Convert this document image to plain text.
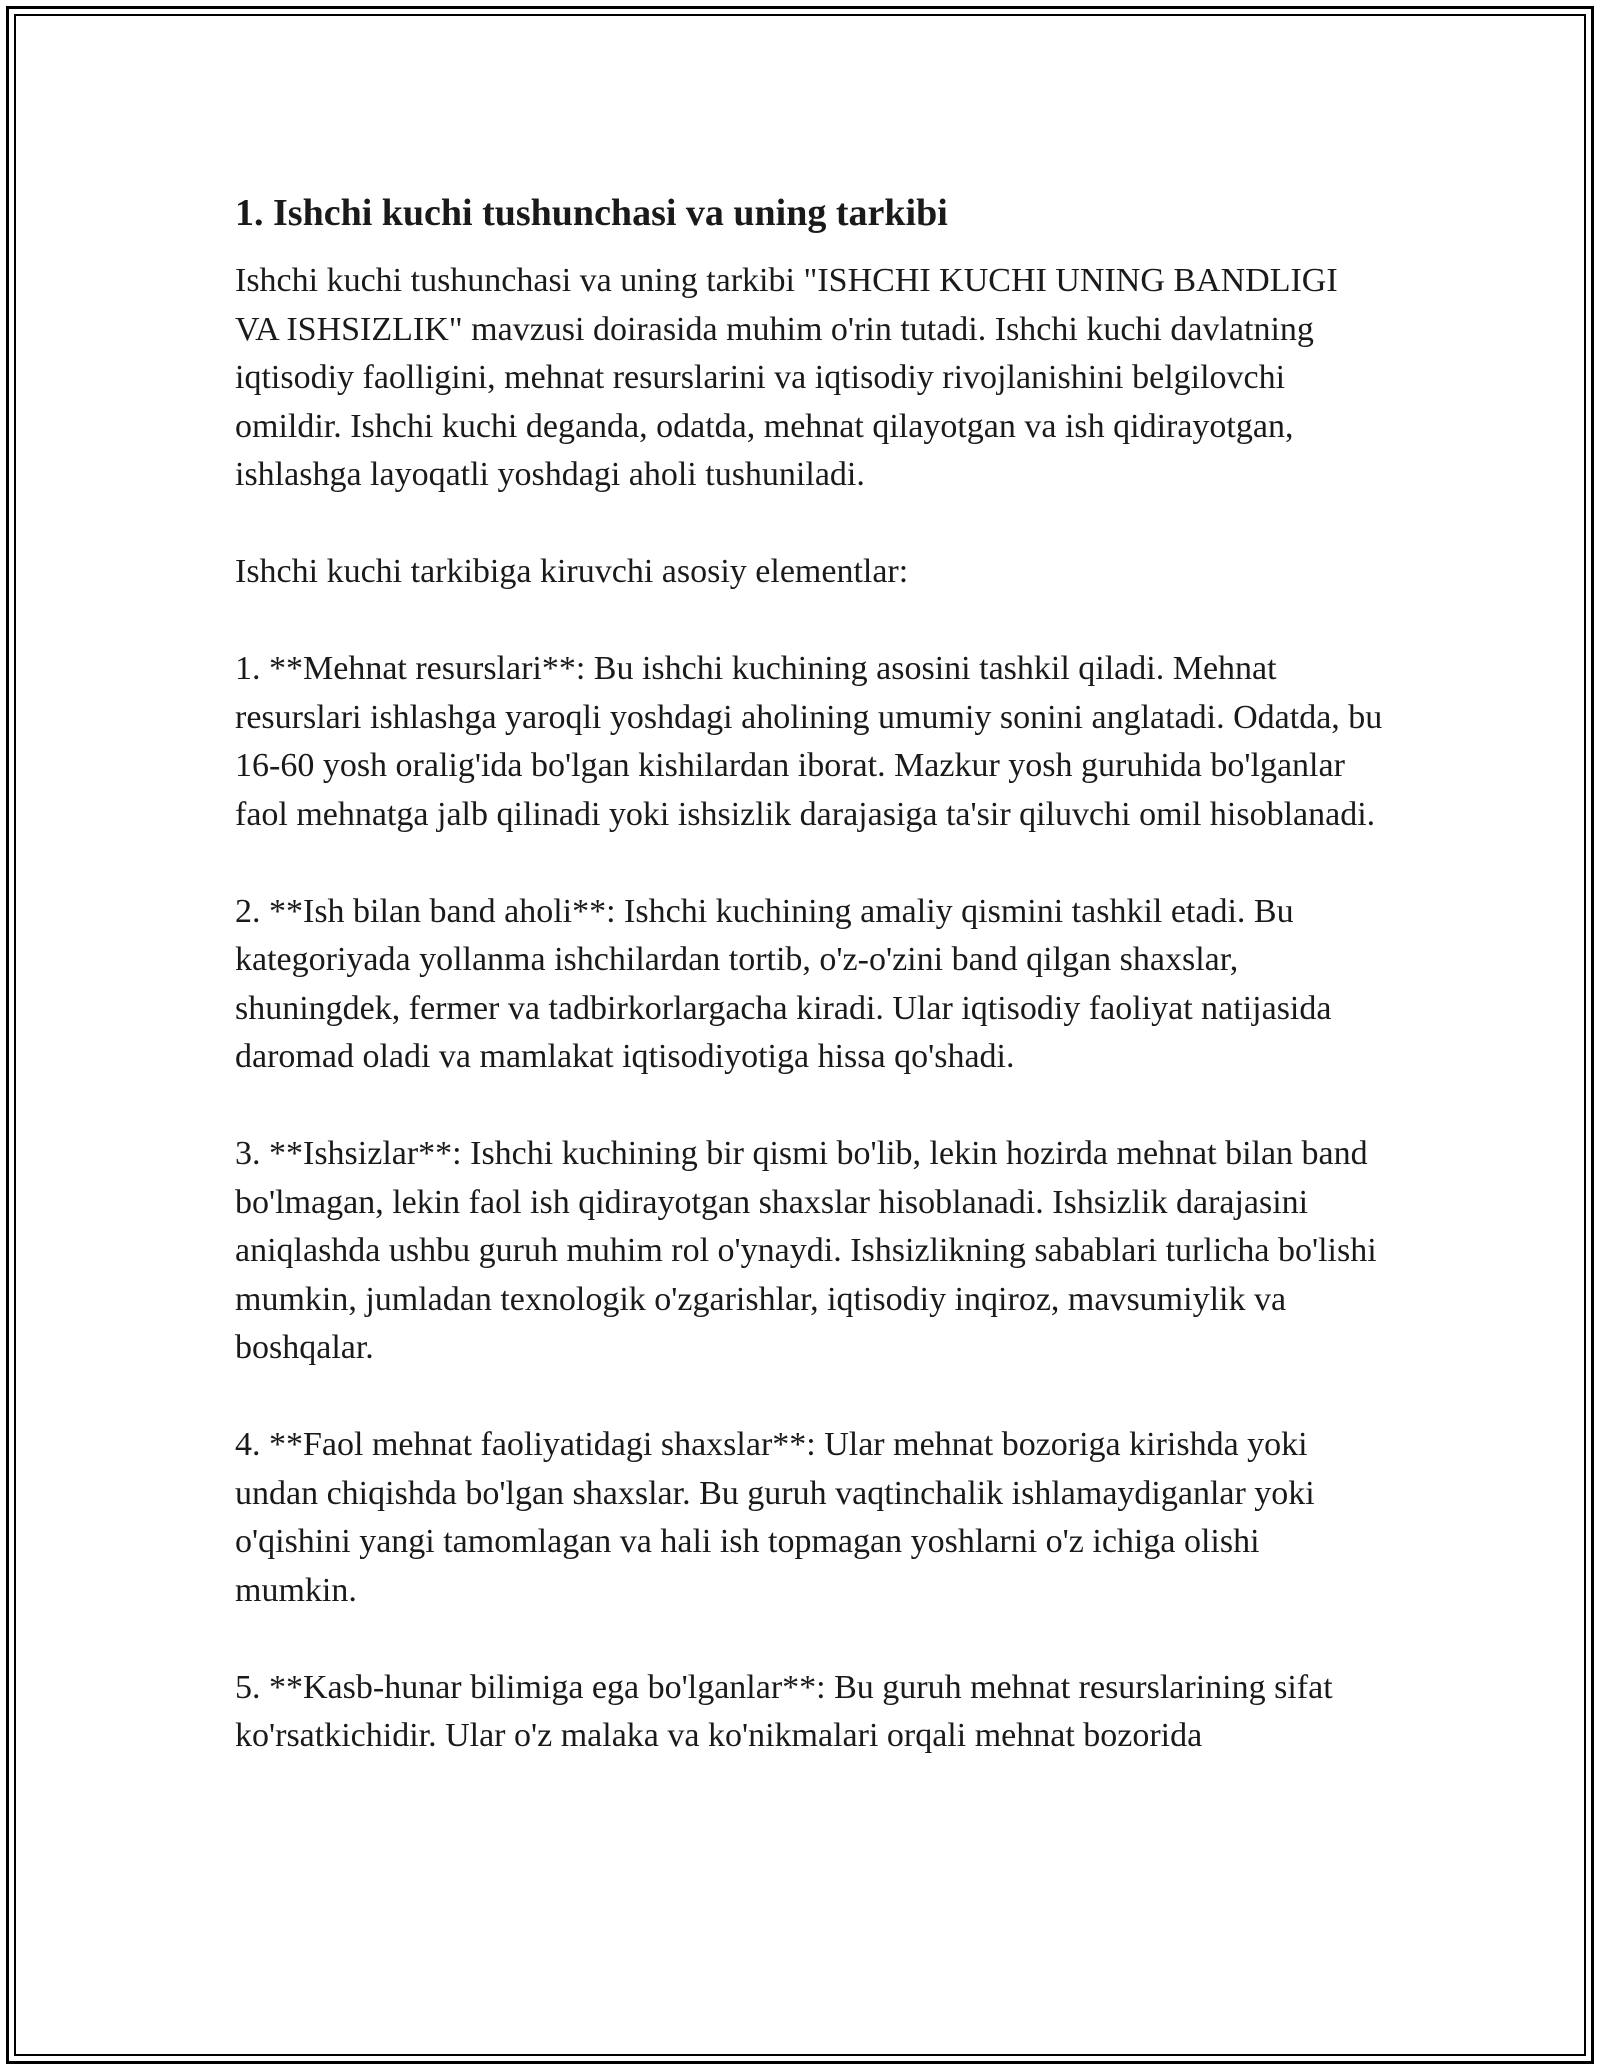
1. Ishchi kuchi tushunchasi va uning tarkibi

Ishchi kuchi tushunchasi va uning tarkibi "ISHCHI KUCHI UNING BANDLIGI VA ISHSIZLIK" mavzusi doirasida muhim o'rin tutadi. Ishchi kuchi davlatning iqtisodiy faolligini, mehnat resurslarini va iqtisodiy rivojlanishini belgilovchi omildir. Ishchi kuchi deganda, odatda, mehnat qilayotgan va ish qidirayotgan, ishlashga layoqatli yoshdagi aholi tushuniladi.

Ishchi kuchi tarkibiga kiruvchi asosiy elementlar:

1. **Mehnat resurslari**: Bu ishchi kuchining asosini tashkil qiladi. Mehnat resurslari ishlashga yaroqli yoshdagi aholining umumiy sonini anglatadi. Odatda, bu 16-60 yosh oralig'ida bo'lgan kishilardan iborat. Mazkur yosh guruhida bo'lganlar faol mehnatga jalb qilinadi yoki ishsizlik darajasiga ta'sir qiluvchi omil hisoblanadi.

2. **Ish bilan band aholi**: Ishchi kuchining amaliy qismini tashkil etadi. Bu kategoriyada yollanma ishchilardan tortib, o'z-o'zini band qilgan shaxslar, shuningdek, fermer va tadbirkorlargacha kiradi. Ular iqtisodiy faoliyat natijasida daromad oladi va mamlakat iqtisodiyotiga hissa qo'shadi.

3. **Ishsizlar**: Ishchi kuchining bir qismi bo'lib, lekin hozirda mehnat bilan band bo'lmagan, lekin faol ish qidirayotgan shaxslar hisoblanadi. Ishsizlik darajasini aniqlashda ushbu guruh muhim rol o'ynaydi. Ishsizlikning sabablari turlicha bo'lishi mumkin, jumladan texnologik o'zgarishlar, iqtisodiy inqiroz, mavsumiylik va boshqalar.

4. **Faol mehnat faoliyatidagi shaxslar**: Ular mehnat bozoriga kirishda yoki undan chiqishda bo'lgan shaxslar. Bu guruh vaqtinchalik ishlamaydiganlar yoki o'qishini yangi tamomlagan va hali ish topmagan yoshlarni o'z ichiga olishi mumkin.

5. **Kasb-hunar bilimiga ega bo'lganlar**: Bu guruh mehnat resurslarining sifat ko'rsatkichidir. Ular o'z malaka va ko'nikmalari orqali mehnat bozorida
